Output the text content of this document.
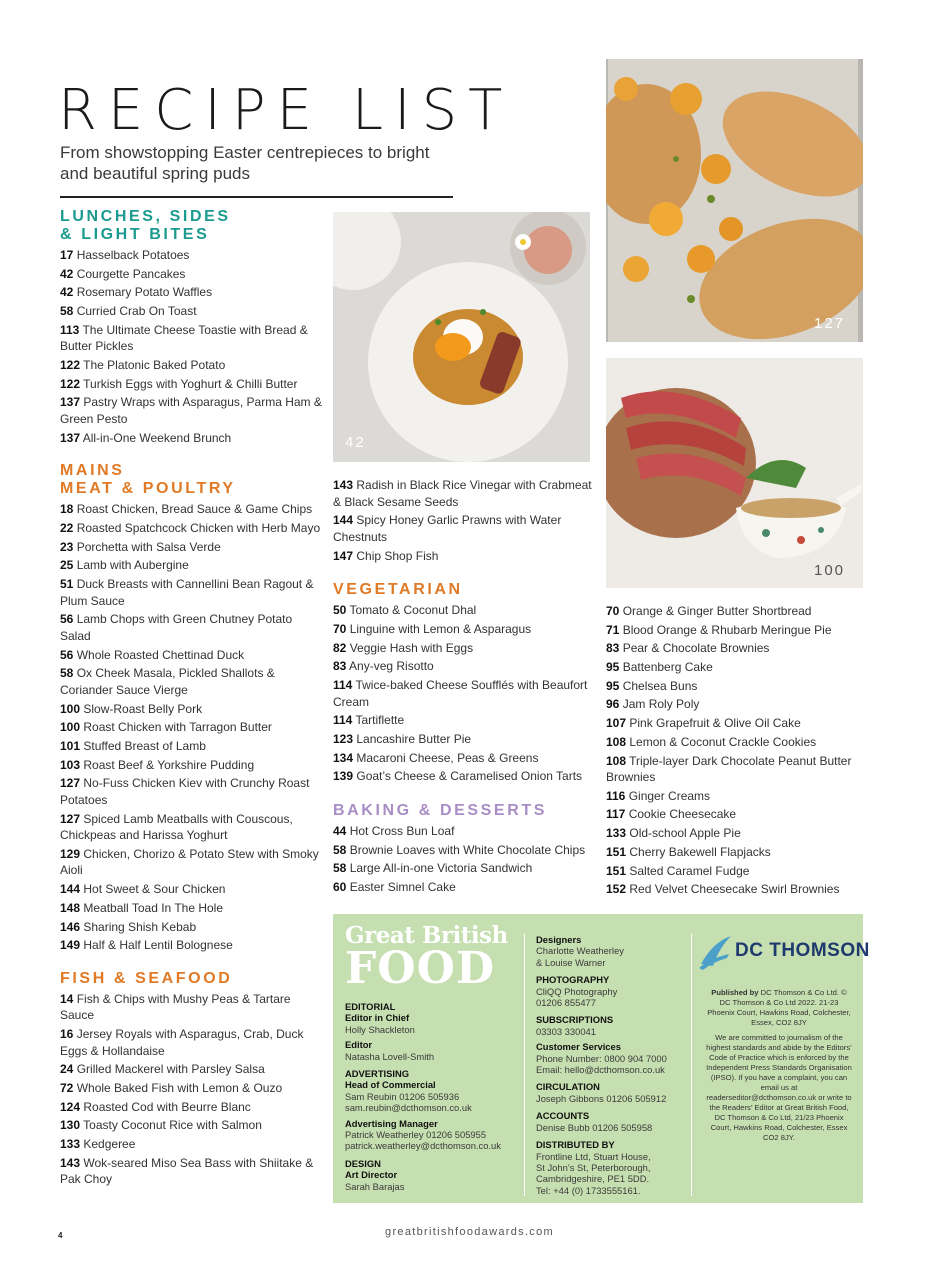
RECIPE LIST
From showstopping Easter centrepieces to bright and beautiful spring puds
LUNCHES, SIDES
& LIGHT BITES
17 Hasselback Potatoes
42 Courgette Pancakes
42 Rosemary Potato Waffles
58 Curried Crab On Toast
113 The Ultimate Cheese Toastie with Bread & Butter Pickles
122 The Platonic Baked Potato
122 Turkish Eggs with Yoghurt & Chilli Butter
137 Pastry Wraps with Asparagus, Parma Ham & Green Pesto
137 All-in-One Weekend Brunch
MAINS
MEAT & POULTRY
18 Roast Chicken, Bread Sauce & Game Chips
22 Roasted Spatchcock Chicken with Herb Mayo
23 Porchetta with Salsa Verde
25 Lamb with Aubergine
51 Duck Breasts with Cannellini Bean Ragout & Plum Sauce
56 Lamb Chops with Green Chutney Potato Salad
56 Whole Roasted Chettinad Duck
58 Ox Cheek Masala, Pickled Shallots & Coriander Sauce Vierge
100 Slow-Roast Belly Pork
100 Roast Chicken with Tarragon Butter
101 Stuffed Breast of Lamb
103 Roast Beef & Yorkshire Pudding
127 No-Fuss Chicken Kiev with Crunchy Roast Potatoes
127 Spiced Lamb Meatballs with Couscous, Chickpeas and Harissa Yoghurt
129 Chicken, Chorizo & Potato Stew with Smoky Aioli
144 Hot Sweet & Sour Chicken
148 Meatball Toad In The Hole
146 Sharing Shish Kebab
149 Half & Half Lentil Bolognese
FISH & SEAFOOD
14 Fish & Chips with Mushy Peas & Tartare Sauce
16 Jersey Royals with Asparagus, Crab, Duck Eggs & Hollandaise
24 Grilled Mackerel with Parsley Salsa
72 Whole Baked Fish with Lemon & Ouzo
124 Roasted Cod with Beurre Blanc
130 Toasty Coconut Rice with Salmon
133 Kedgeree
143 Wok-seared Miso Sea Bass with Shiitake & Pak Choy
143 Radish in Black Rice Vinegar with Crabmeat & Black Sesame Seeds
144 Spicy Honey Garlic Prawns with Water Chestnuts
147 Chip Shop Fish
VEGETARIAN
50 Tomato & Coconut Dhal
70 Linguine with Lemon & Asparagus
82 Veggie Hash with Eggs
83 Any-veg Risotto
114 Twice-baked Cheese Soufflés with Beaufort Cream
114 Tartiflette
123 Lancashire Butter Pie
134 Macaroni Cheese, Peas & Greens
139 Goat’s Cheese & Caramelised Onion Tarts
BAKING & DESSERTS
44 Hot Cross Bun Loaf
58 Brownie Loaves with White Chocolate Chips
58 Large All-in-one Victoria Sandwich
60 Easter Simnel Cake
70 Orange & Ginger Butter Shortbread
71 Blood Orange & Rhubarb Meringue Pie
83 Pear & Chocolate Brownies
95 Battenberg Cake
95 Chelsea Buns
96 Jam Roly Poly
107 Pink Grapefruit & Olive Oil Cake
108 Lemon & Coconut Crackle Cookies
108 Triple-layer Dark Chocolate Peanut Butter Brownies
116 Ginger Creams
117 Cookie Cheesecake
133 Old-school Apple Pie
151 Cherry Bakewell Flapjacks
151 Salted Caramel Fudge
152 Red Velvet Cheesecake Swirl Brownies
127
42
100
Great British
FOOD
EDITORIAL
Editor in Chief
Holly Shackleton
Editor
Natasha Lovell-Smith
ADVERTISING
Head of Commercial
Sam Reubin 01206 505936
sam.reubin@dcthomson.co.uk
Advertising Manager
Patrick Weatherley 01206 505955
patrick.weatherley@dcthomson.co.uk
DESIGN
Art Director
Sarah Barajas
Designers
Charlotte Weatherley
& Louise Warner
PHOTOGRAPHY
CliQQ Photography
01206 855477
SUBSCRIPTIONS
03303 330041
Customer Services
Phone Number: 0800 904 7000
Email: hello@dcthomson.co.uk
CIRCULATION
Joseph Gibbons 01206 505912
ACCOUNTS
Denise Bubb 01206 505958
DISTRIBUTED BY
Frontline Ltd, Stuart House,
St John’s St, Peterborough,
Cambridgeshire, PE1 5DD.
Tel: +44 (0) 1733555161.
DC THOMSON

Published by DC Thomson & Co Ltd. © DC Thomson & Co Ltd 2022. 21-23 Phoenix Court, Hawkins Road, Colchester, Essex, CO2 8JY

We are committed to journalism of the highest standards and abide by the Editors’ Code of Practice which is enforced by the Independent Press Standards Organisation (IPSO). If you have a complaint, you can email us at readerseditor@dcthomson.co.uk or write to the Readers’ Editor at Great British Food, DC Thomson & Co Ltd, 21/23 Phoenix Court, Hawkins Road, Colchester, Essex CO2 8JY.

4	greatbritishfoodawards.com
